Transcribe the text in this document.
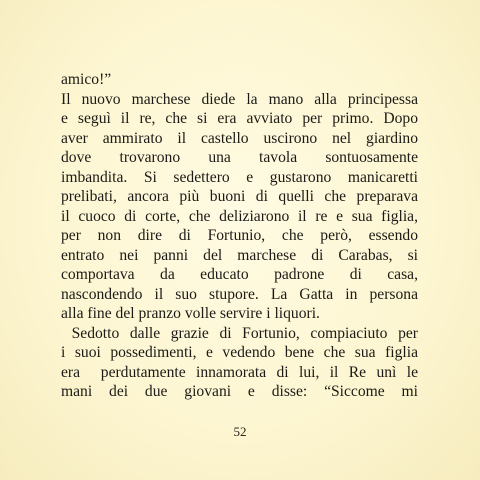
amico!”
Il nuovo marchese diede la mano alla principessa
e seguì il re, che si era avviato per primo. Dopo
aver ammirato il castello uscirono nel giardino
dove trovarono una tavola sontuosamente
imbandita. Si sedettero e gustarono manicaretti
prelibati, ancora più buoni di quelli che preparava
il cuoco di corte, che deliziarono il re e sua figlia,
per non dire di Fortunio, che però, essendo
entrato nei panni del marchese di Carabas, si
comportava da educato padrone di casa,
nascondendo il suo stupore. La Gatta in persona
alla fine del pranzo volle servire i liquori.
Sedotto dalle grazie di Fortunio, compiaciuto per
i suoi possedimenti, e vedendo bene che sua figlia
era  perdutamente innamorata di lui, il Re unì le
mani dei due giovani e disse: “Siccome mi
52
